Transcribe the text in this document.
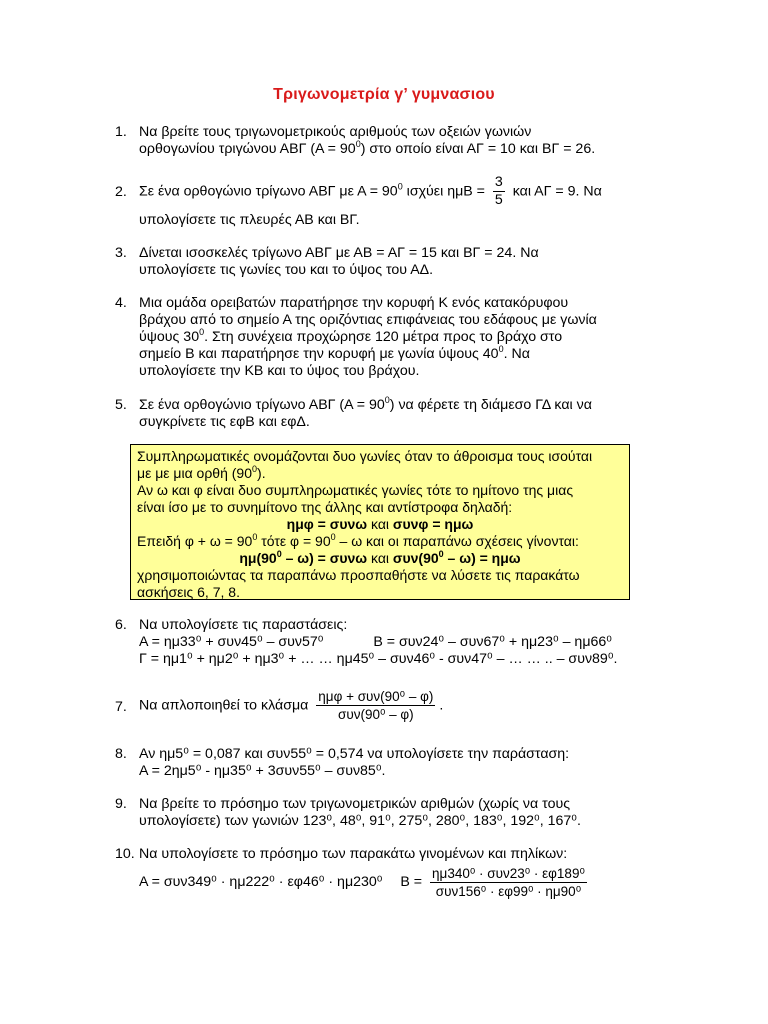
Τριγωνομετρία γ’ γυμνασιου
1. Να βρείτε τους τριγωνομετρικούς αριθμούς των οξειών γωνιών
ορθογωνίου τριγώνου ΑΒΓ $(A = 90^0)$ στο οποίο είναι ΑΓ = 10 και ΒΓ = 26.
2. Σε ένα ορθογώνιο τρίγωνο ΑΒΓ με $A = 90^0$ ισχύει $\eta\mu B = \frac{3}{5}$ και ΑΓ = 9. Να
υπολογίσετε τις πλευρές ΑΒ και ΒΓ.
3. Δίνεται ισοσκελές τρίγωνο ΑΒΓ με ΑΒ = ΑΓ = 15 και ΒΓ = 24. Να
υπολογίσετε τις γωνίες του και το ύψος του ΑΔ.
4. Μια ομάδα ορειβατών παρατήρησε την κορυφή Κ ενός κατακόρυφου
βράχου από το σημείο Α της οριζόντιας επιφάνειας του εδάφους με γωνία
ύψους $30^0$. Στη συνέχεια προχώρησε 120 μέτρα προς το βράχο στο
σημείο Β και παρατήρησε την κορυφή με γωνία ύψους $40^0$. Να
υπολογίσετε την ΚΒ και το ύψος του βράχου.
5. Σε ένα ορθογώνιο τρίγωνο ΑΒΓ $(A = 90^0)$ να φέρετε τη διάμεσο ΓΔ και να
συγκρίνετε τις εφΒ και εφΔ.
Συμπληρωματικές ονομάζονται δυο γωνίες όταν το άθροισμα τους ισούται
με με μια ορθή $(90^0)$.
Αν ω και φ είναι δυο συμπληρωματικές γωνίες τότε το ημίτονο της μιας
είναι ίσο με το συνημίτονο της άλλης και αντίστροφα δηλαδή:
ημφ = συνω και συνφ = ημω
Επειδή $\varphi + \omega = 90^0$ τότε $\varphi = 90^0 - \omega$ και οι παραπάνω σχέσεις γίνονται:
$\eta\mu(90^0 - \omega) = \sigma\upsilon\nu\omega$ και $\sigma\upsilon\nu(90^0 - \omega) = \eta\mu\omega$
χρησιμοποιώντας τα παραπάνω προσπαθήστε να λύσετε τις παρακάτω
ασκήσεις 6, 7, 8.
6. Να υπολογίσετε τις παραστάσεις:
Α = ημ33⁰ + συν45⁰ – συν57⁰	Β = συν24⁰ – συν67⁰ + ημ23⁰ – ημ66⁰
Γ = ημ1⁰ + ημ2⁰ + ημ3⁰ + … … ημ45⁰ – συν46⁰ - συν47⁰ – … … .. – συν89⁰.
7. Να απλοποιηθεί το κλάσμα $\frac{\text{ημφ + συν(90⁰ – φ)}}{\text{συν(90⁰ – φ)}}$ .
8. Αν ημ5⁰ = 0,087 και συν55⁰ = 0,574 να υπολογίσετε την παράσταση:
Α = 2ημ5⁰ - ημ35⁰ + 3συν55⁰ – συν85⁰.
9. Να βρείτε το πρόσημο των τριγωνομετρικών αριθμών (χωρίς να τους
υπολογίσετε) των γωνιών 123⁰, 48⁰, 91⁰, 275⁰, 280⁰, 183⁰, 192⁰, 167⁰.
10. Να υπολογίσετε το πρόσημο των παρακάτω γινομένων και πηλίκων:
Α = συν349⁰ · ημ222⁰ · εφ46⁰ · ημ230⁰ $B = \frac{\text{ημ340⁰ · συν23⁰ · εφ189⁰}}{\text{συν156⁰ · εφ99⁰ · ημ90⁰}}$
